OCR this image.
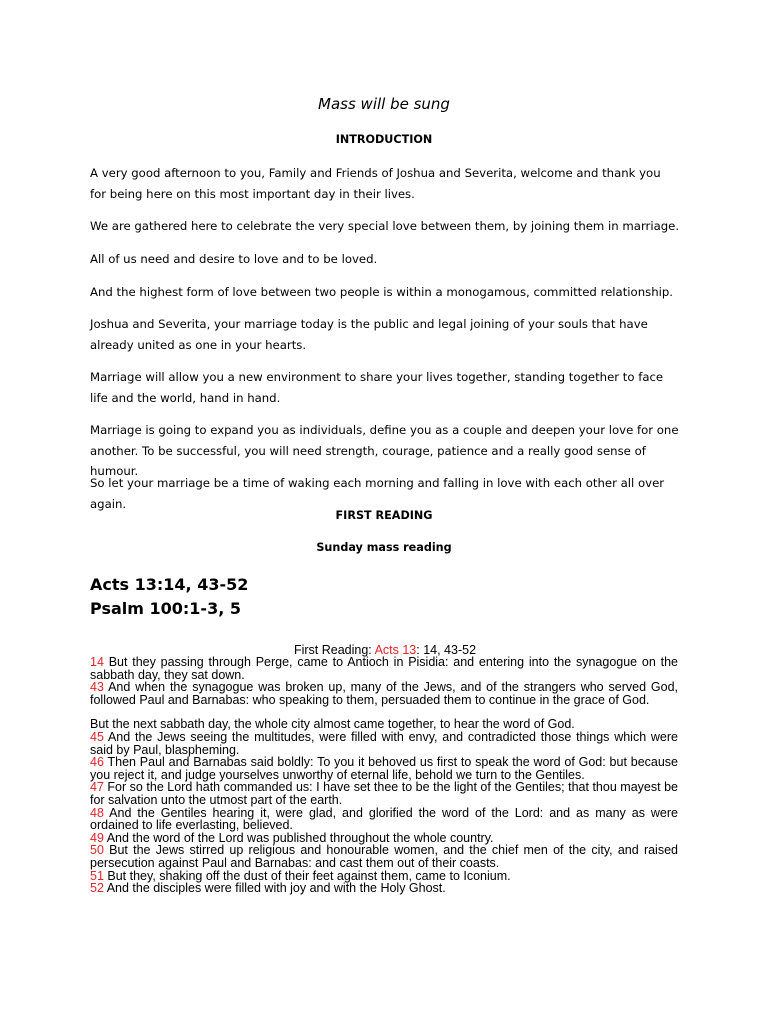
Mass will be sung
INTRODUCTION

A very good afternoon to you, Family and Friends of Joshua and Severita, welcome and thank you for being here on this most important day in their lives.

We are gathered here to celebrate the very special love between them, by joining them in marriage.

All of us need and desire to love and to be loved.

And the highest form of love between two people is within a monogamous, committed relationship.

Joshua and Severita, your marriage today is the public and legal joining of your souls that have already united as one in your hearts.

Marriage will allow you a new environment to share your lives together, standing together to face life and the world, hand in hand.

Marriage is going to expand you as individuals, define you as a couple and deepen your love for one another. To be successful, you will need strength, courage, patience and a really good sense of humour.

So let your marriage be a time of waking each morning and falling in love with each other all over again.

FIRST READING
Sunday mass reading

Acts 13:14, 43-52

Psalm 100:1-3, 5

First Reading: Acts 13: 14, 43-52

14 But they passing through Perge, came to Antioch in Pisidia: and entering into the synagogue on the sabbath day, they sat down.
43 And when the synagogue was broken up, many of the Jews, and of the strangers who served God, followed Paul and Barnabas: who speaking to them, persuaded them to continue in the grace of God.
But the next sabbath day, the whole city almost came together, to hear the word of God.
45 And the Jews seeing the multitudes, were filled with envy, and contradicted those things which were said by Paul, blaspheming.
46 Then Paul and Barnabas said boldly: To you it behoved us first to speak the word of God: but because you reject it, and judge yourselves unworthy of eternal life, behold we turn to the Gentiles.
47 For so the Lord hath commanded us: I have set thee to be the light of the Gentiles; that thou mayest be for salvation unto the utmost part of the earth.
48 And the Gentiles hearing it, were glad, and glorified the word of the Lord: and as many as were ordained to life everlasting, believed.
49 And the word of the Lord was published throughout the whole country.
50 But the Jews stirred up religious and honourable women, and the chief men of the city, and raised persecution against Paul and Barnabas: and cast them out of their coasts.
51 But they, shaking off the dust of their feet against them, came to Iconium.
52 And the disciples were filled with joy and with the Holy Ghost.
